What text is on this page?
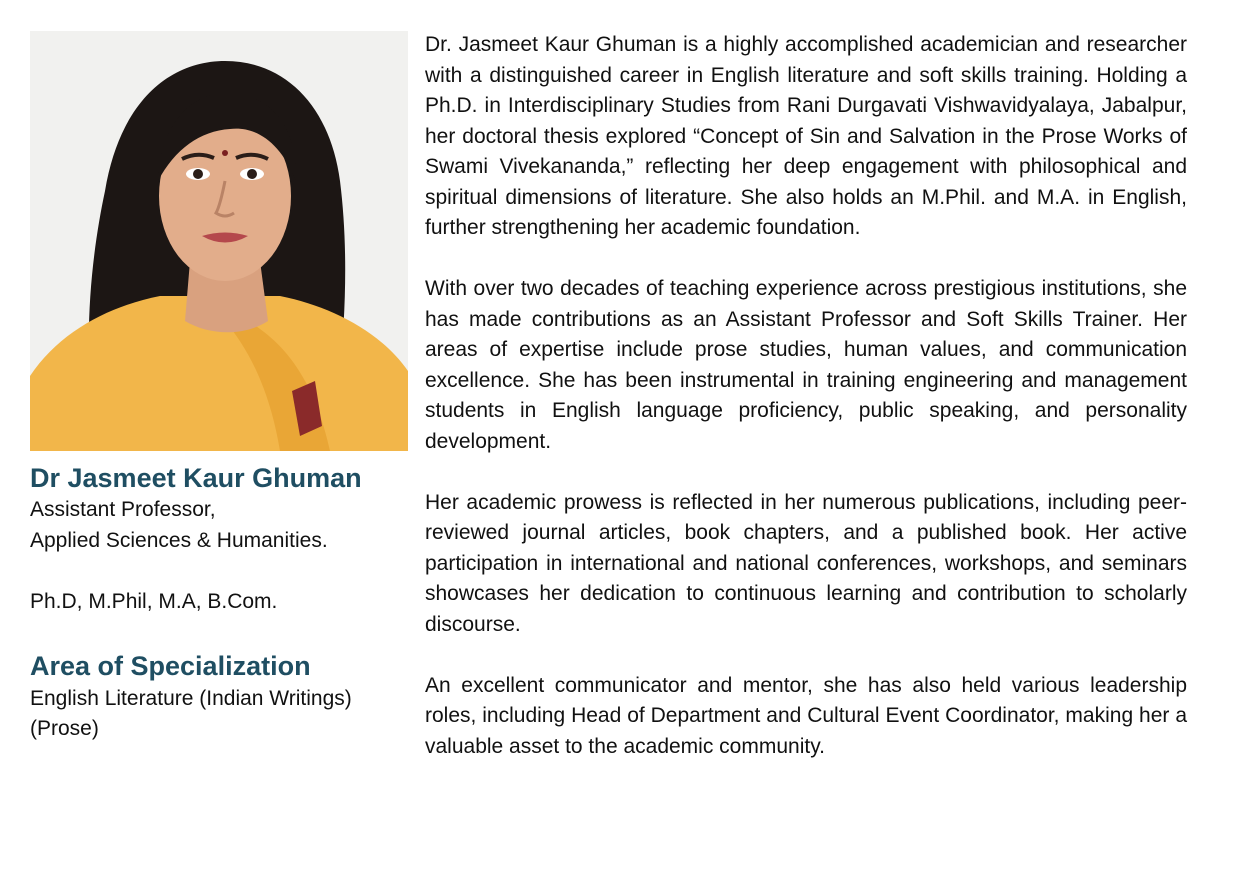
Dr Jasmeet Kaur Ghuman

Assistant Professor,

Applied Sciences & Humanities.

Ph.D, M.Phil, M.A, B.Com.

Area of Specialization

English Literature (Indian Writings)

(Prose)

Dr. Jasmeet Kaur Ghuman is a highly accomplished academician and researcher with a distinguished career in English literature and soft skills training. Holding a Ph.D. in Interdisciplinary Studies from Rani Durgavati Vishwavidyalaya, Jabalpur, her doctoral thesis explored “Concept of Sin and Salvation in the Prose Works of Swami Vivekananda,” reflecting her deep engagement with philosophical and spiritual dimensions of literature. She also holds an M.Phil. and M.A. in English, further strengthening her academic foundation.

With over two decades of teaching experience across prestigious institutions, she has made contributions as an Assistant Professor and Soft Skills Trainer. Her areas of expertise include prose studies, human values, and communication excellence. She has been instrumental in training engineering and management students in English language proficiency, public speaking, and personality development.

Her academic prowess is reflected in her numerous publications, including peer-reviewed journal articles, book chapters, and a published book. Her active participation in international and national conferences, workshops, and seminars showcases her dedication to continuous learning and contribution to scholarly discourse.

An excellent communicator and mentor, she has also held various leadership roles, including Head of Department and Cultural Event Coordinator, making her a valuable asset to the academic community.
